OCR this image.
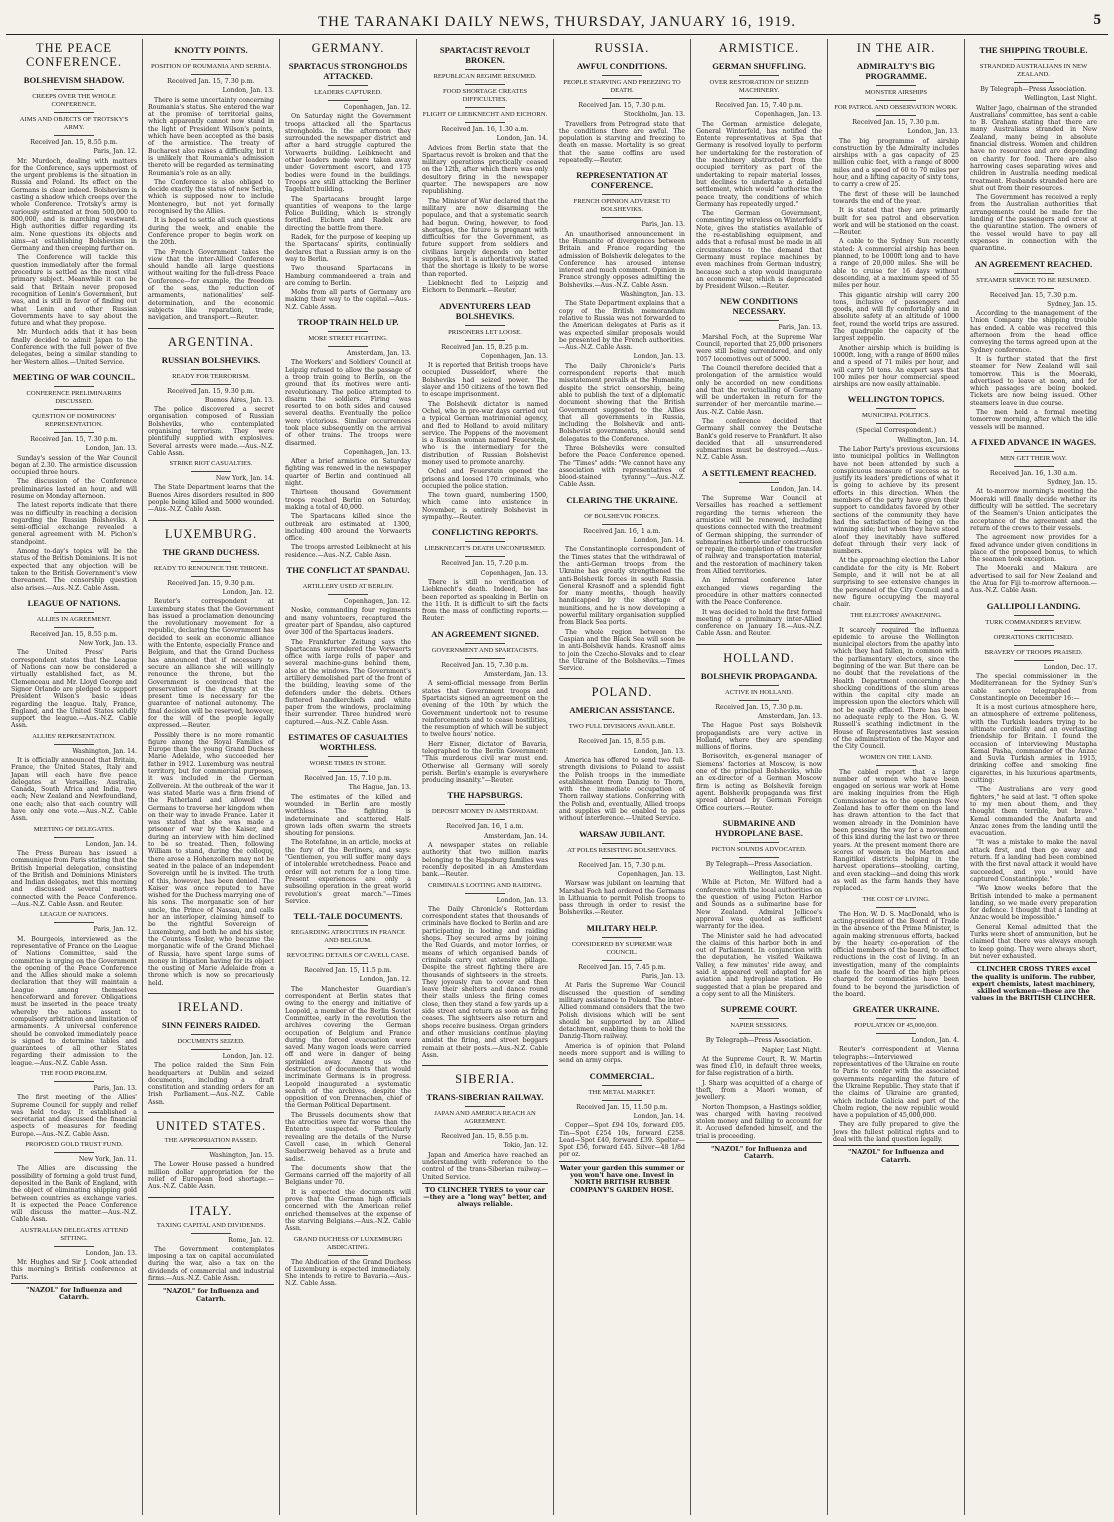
THE TARANAKI DAILY NEWS, THURSDAY, JANUARY 16, 1919.	5
THE PEACE CONFERENCE.
BOLSHEVISM SHADOW.
CREEPS OVER THE WHOLE CONFERENCE.
AIMS AND OBJECTS OF TROTSKY'S ARMY.
Received Jan. 15, 8.55 p.m.
Paris, Jan. 12.

Mr. Murdoch, dealing with matters for the Conference, says uppermost of the urgent problems is the situation in Russia and Poland. Its effect on the Germans is clear indeed. Bolshevism is casting a shadow which creeps over the whole Conference. Trotsky's army is variously estimated at from 500,000 to 800,000, and is marching westward. High authorities differ regarding its aim. None questions its objects and aims—at establishing Bolshevism in Germany and then creeping further on.

The Conference will tackle this question immediately after the formal procedure is settled as the most vital primary subject. Meanwhile it can be said that Britain never proposed recognition of Lenin's Government, but was, and is still in favor of finding out what Lenin and other Russian Governments have to say about the future and what they propose.

Mr. Murdoch adds that it has been finally decided to admit Japan to the Conference with the full power of five delegates, being a similar standing to her Western allies.—United Service.

MEETING OF WAR COUNCIL.
CONFERENCE PRELIMINARIES DISCUSSED.
QUESTION OF DOMINIONS' REPRESENTATION.
Received Jan. 15, 7.30 p.m.
London, Jan. 13.

Sunday's session of the War Council began at 2.30. The armistice discussion occupied three hours.

The discussion of the Conference preliminaries lasted an hour, and will resume on Monday afternoon.

The latest reports indicate that there was no difficulty in reaching a decision regarding the Russian Bolsheviks. A semi-official exchange revealed a general agreement with M. Pichon's standpoint.

Among to-day's topics will be the status of the British Dominions. It is not expected that any objection will be taken to the British Government's view thereanent. The censorship question also arises.—Aus.-N.Z. Cable Assn.

LEAGUE OF NATIONS.
ALLIES IN AGREEMENT.
Received Jan. 15, 8.55 p.m.
New York, Jan. 13.

The United Press' Paris correspondent states that the League of Nations can now be considered a virtually established fact, as M. Clemenceau and Mr. Lloyd George and Signor Orlando are pledged to support President Wilson's basic ideas regarding the league. Italy, France, England, and the United States solidly support the league.—Aus.-N.Z. Cable Assn.

ALLIES' REPRESENTATION.
Washington, Jan. 14.

It is officially announced that Britain, France, the United States, Italy and Japan will each have five peace delegates at Versailles; Australia, Canada, South Africa and India, two each; New Zealand and Newfoundland, one each; also that each country will have only one vote.—Aus.-N.Z. Cable Assn.

MEETING OF DELEGATES.
London, Jan. 14.

The Press Bureau has issued a communique from Paris stating that the British Imperial delegation, consisting of the British and Dominions Ministers and Indian delegates, met this morning and discussed several matters connected with the Peace Conference.—Aus.-N.Z. Cable Assn. and Reuter.

LEAGUE OF NATIONS.
Paris, Jan. 12.

M. Bourgeois, interviewed as the representative of France on the League of Nations Committee, said the committee is urging on the Government the opening of the Peace Conference and the Allies should make a solemn declaration that they will maintain a League among themselves henceforward and forever. Obligations must be inserted in the peace treaty whereby the nations assent to compulsory arbitration and limitation of armaments. A universal conference should be convoked immediately peace is signed to determine tables and guarantees of all other States regarding their admission to the league.—Aus.-N.Z. Cable Assn.

THE FOOD PROBLEM.
Paris, Jan. 13.

The first meeting of the Allies' Supreme Council for supply and relief was held to-day. It established a secretariat and discussed the financial aspects of measures for feeding Europe.—Aus.-N.Z. Cable Assn.

PROPOSED GOLD TRUST FUND.
New York, Jan. 11.

The Allies are discussing the possibility of forming a gold trust fund, deposited in the Bank of England, with the object of eliminating shipping gold between countries as exchange varies. It is expected the Peace Conference will discuss the matter.—Aus.-N.Z. Cable Assn.

AUSTRALIAN DELEGATES ATTEND SITTING.
London, Jan. 13.

Mr. Hughes and Sir J. Cook attended this morning's British conference at Paris.

"NAZOL" for Influenza and Catarrh.
KNOTTY POINTS.
POSITION OF ROUMANIA AND SERBIA.
Received Jan. 15, 7.30 p.m.
London, Jan. 13.

There is some uncertainty concerning Roumania's status. She entered the war at the promise of territorial gains, which apparently cannot now stand in the light of President Wilson's points, which have been accepted as the basis of the armistice. The treaty of Bucharest also raises a difficulty, but it is unlikely that Roumania's admission thereto will be regarded as terminating Roumania's role as an ally.

The Conference is also obliged to decide exactly the status of new Serbia, which is supposed now to include Montenegro, but not yet formally recognised by the Allies.

It is hoped to settle all such questions during the week, and enable the Conference proper to begin work on the 20th.

The French Government takes the view that the inter-Allied Conference should handle all large questions without waiting for the full-dress Peace Conference—for example, the freedom of the seas, the reduction of armaments, nationalities' self-determination, and the economic subjects like reparation, trade, navigation, and transport.—Reuter.

ARGENTINA.
RUSSIAN BOLSHEVIKS.
READY FOR TERRORISM.
Received Jan. 15, 9.30 p.m.
Buenos Aires, Jan. 13.

The police discovered a secret organisation composed of Russian Bolsheviks, who contemplated organising terrorism. They were plentifully supplied with explosives. Several arrests were made.—Aus.-N.Z. Cable Assn.

STRIKE RIOT CASUALTIES.
New York, Jan. 14.

The State Department learns that the Buenos Aires disorders resulted in 800 people being killed and 5000 wounded.—Aus.-N.Z. Cable Assn.

LUXEMBURG.
THE GRAND DUCHESS.
READY TO RENOUNCE THE THRONE.
Received Jan. 15, 9.30 p.m.
London, Jan. 12.

Reuter's correspondent at Luxemburg states that the Government has issued a proclamation denouncing the revolutionary movement for a republic, declaring the Government has decided to seek an economic alliance with the Entente, especially France and Belgium, and that the Grand Duchess has announced that if necessary to secure an alliance she will willingly renounce the throne, but the Government is convinced that the preservation of the dynasty at the present time is necessary for the guarantee of national autonomy. The final decision will be reserved, however, for the will of the people legally expressed.—Reuter.

Possibly there is no more romantic figure among the Royal Families of Europe than the young Grand Duchess Marie Adelaide, who succeeded her father in 1912. Luxemburg was neutral territory, but for commercial purposes, it was included in the German Zollverein. At the outbreak of the war it was stated Marie was a firm friend of the Fatherland and allowed the Germans to traverse her kingdom when on their way to invade France. Later it was stated that she was made a prisoner of war by the Kaiser, and during an interview with him declined to be so treated. Then, following William to stand, during the colloquy, there arose a Hohenzollern may not be seated in the palace of an independent Sovereign until he is invited. The truth of this, however, has been denied. The Kaiser was once reputed to have wished for the Duchess marrying one of his sons. The morganatic son of her uncle, the Prince of Nassau, and calls her an interloper, claiming himself to be the rightful Sovereign of Luxemburg, and both he and his sister, the Countess Tosler, who became the morganatic wife of the Grand Michael of Russia, have spent large sums of money in litigation having for its object the ousting of Marie Adelaide from a throne which is now so precariously held.

IRELAND.
SINN FEINERS RAIDED.
DOCUMENTS SEIZED.
London, Jan. 12.

The police raided the Sinn Fein headquarters at Dublin and seized documents, including a draft constitution and standing orders for an Irish Parliament.—Aus.-N.Z. Cable Assn.

UNITED STATES.
THE APPROPRIATION PASSED.
Washington, Jan. 15.

The Lower House passed a hundred million dollar appropriation for the relief of European food shortage.—Aus.-N.Z. Cable Assn.

ITALY.
TAXING CAPITAL AND DIVIDENDS.
Rome, Jan. 12.

The Government contemplates imposing a tax on capital accumulated during the war, also a tax on the dividends of commercial and industrial firms.—Aus.-N.Z. Cable Assn.

"NAZOL" for Influenza and Catarrh.
GERMANY.
SPARTACUS STRONGHOLDS ATTACKED.
LEADERS CAPTURED.
Copenhagen, Jan. 12.

On Saturday night the Government troops attacked all the Spartacus strongholds. In the afternoon they surrounded the newspaper district and after a hard struggle captured the Vorwaerts building. Leibknecht and other leaders made were taken away under Government escort, and 175 bodies were found in the buildings. Troops are still attacking the Berliner Tageblatt building.

The Spartacans brought large quantities of weapons to the large Police Building, which is strongly fortified. Eichorn and Radek are directing the battle from there.

Radek, for the purpose of keeping up the Spartacans' spirits, continually declares that a Russian army is on the way to Berlin.

Two thousand Spartacans in Hamburg commandeered a train and are coming to Berlin.

Mobs from all parts of Germany are making their way to the capital.—Aus.-N.Z. Cable Assn.

TROOP TRAIN HELD UP.
MORE STREET FIGHTING.
Amsterdam, Jan. 13.

The Workers' and Soldiers' Council at Leipzig refused to allow the passage of a troop train going to Berlin, on the ground that its motives were anti-revolutionary. The police attempted to disarm the soldiers. Firing was resorted to on both sides and caused several deaths. Eventually the police were victorious. Similar occurrences took place subsequently on the arrival of other trains. The troops were disarmed.

Copenhagen, Jan. 13.

After a brief armistice on Saturday fighting was renewed in the newspaper quarter of Berlin and continued all night.

Thirteen thousand Government troops reached Berlin on Saturday, making a total of 40,000.

The Spartacans killed since the outbreak are estimated at 1300, including 400 around the Vorwaerts office.

The troops arrested Leibknecht at his residence.—Aus.-N.Z. Cable Assn.

THE CONFLICT AT SPANDAU.
ARTILLERY USED AT BERLIN.
Copenhagen, Jan. 12.

Noske, commanding four regiments and many volunteers, recaptured the greater part of Spandau, also captured over 300 of the Spartacus leaders.

The Frankfurter Zeitung says the Spartacans surrendered the Vorwaerts office with large rolls of paper and several machine-guns behind them, also at the windows. The Government's artillery demolished part of the front of the building, leaving some of the defenders under the debris. Others fluttered handkerchiefs and white paper from the windows, proclaiming their surrender. Three hundred were captured.—Aus.-N.Z. Cable Assn.

ESTIMATES OF CASUALTIES WORTHLESS.
WORSE TIMES IN STORE.
Received Jan. 15, 7.10 p.m.
The Hague, Jan. 13.

The estimates of the killed and wounded in Berlin are mostly worthless. The fighting is indeterminate and scattered. Half-grown lads often swarm the streets shouting for pensions.

The Rotefahne, in an article, mocks at the fury of the Berliners, and says: "Gentlemen, you will suffer many days of intolerable wretchedness. Peace and order will not return for a long time. Present experiences are only a subsoiling operation in the great world revolution's great march."—Times Service.

TELL-TALE DOCUMENTS.
REGARDING ATROCITIES IN FRANCE AND BELGIUM.
REVOLTING DETAILS OF CAVELL CASE.
Received Jan. 15, 11.5 p.m.
London, Jan. 12.

The Manchester Guardian's correspondent at Berlin states that owing to the energy and initiative of Leopold, a member of the Berlin Soviet Committee, early in the revolution the archives covering the German occupation of Belgium and France during the forced evacuation were saved. Many wagon loads were carried off and were in danger of being sprinkled away. Among us the destruction of documents that would incriminate Germans is in progress. Leopold inaugurated a systematic search of the archives, despite the opposition of von Drennachen, chief of the German Political Department.

The Brussels documents show that the atrocities were far worse than the Entente suspected. Particularly revealing are the details of the Nurse Cavell case, in which General Sauberzweig behaved as a brute and sadist.

The documents show that the Germans carried off the majority of all Belgians under 70.

It is expected the documents will prove that the German high officials concerned with the American relief enriched themselves at the expense of the starving Belgians.—Aus.-N.Z. Cable Assn.

GRAND DUCHESS OF LUXEMBURG ABDICATING.

The Abdication of the Grand Duchess of Luxemburg is expected immediately. She intends to retire to Bavaria.—Aus.-N.Z. Cable Assn.

SPARTACIST REVOLT BROKEN.
REPUBLICAN REGIME RESUMED.
FOOD SHORTAGE CREATES DIFFICULTIES.
FLIGHT OF LIEBKNECHT AND EICHORN.
Received Jan. 16, 1.30 a.m.
London, Jan. 14.

Advices from Berlin state that the Spartacus revolt is broken and that the military operations practically ceased on the 12th, after which there was only desultory firing in the newspaper quarter. The newspapers are now republishing.

The Minister of War declared that the military are now disarming the populace, and that a systematic search had begun. Owing, however, to food shortages, the future is pregnant with difficulties for the Government, as future support from soldiers and civilians largely depends on better supplies, but it is authoritatively stated that the shortage is likely to be worse than reported.

Liebknecht fled to Leipzig and Eichorn to Denmark.—Reuter.

ADVENTURERS LEAD BOLSHEVIKS.
PRISONERS LET LOOSE.
Received Jan. 15, 8.25 p.m.
Copenhagen, Jan. 13.

It is reported that British troops have occupied Dusseldorf, where the Bolsheviks had seized power. The slayer and 150 citizens of the town fled to escape imprisonment.

The Bolshevik dictator is named Ochel, who in pre-war days carried out a typical German matrimonial agency, and fled to Holland to avoid military service. The Poppens of the movement is a Russian woman named Feuerstein, who is the intermediary for the distribution of Russian Bolshevist money used to promote anarchy.

Ochel and Feuerstein opened the prisons and loosed 170 criminals, who occupied the police station.

The town guard, numbering 1500, which came into existence in November, is entirely Bolshevist in sympathy.—Reuter.

CONFLICTING REPORTS.
LIEBKNECHT'S DEATH UNCONFIRMED.
Received Jan. 15, 7.20 p.m.
Copenhagen, Jan. 13.

There is still no verification of Liebknecht's death. Indeed, he has been reported as speaking in Berlin on the 11th. It is difficult to sift the facts from the mass of conflicting reports.—Reuter.

AN AGREEMENT SIGNED.
GOVERNMENT AND SPARTACISTS.
Received Jan. 15, 7.30 p.m.
Amsterdam, Jan. 13.

A semi-official message from Berlin states that Government troops and Spartacists signed an agreement on the evening of the 10th by which the Government undertook not to resume reinforcements and to cease hostilities, the resumption of which will be subject to twelve hours' notice.

Herr Eisner, dictator of Bavaria, telegraphed to the Berlin Government: "This murderous civil war must end. Otherwise all Germany will sorely perish. Berlin's example is everywhere producing insanity."—Reuter.

THE HAPSBURGS.
DEPOSIT MONEY IN AMSTERDAM.
Received Jan. 16, 1 a.m.
Amsterdam, Jan. 14.

A newspaper states on reliable authority that two million marks belonging to the Hapsburg families was recently deposited in an Amsterdam bank.—Reuter.

CRIMINALS LOOTING AND RAIDING.
London, Jan. 13.

The Daily Chronicle's Rotterdam correspondent states that thousands of criminals have flocked to Berlin and are participating in looting and raiding shops. They secured arms by joining the Red Guards, and motor lorries, or means of which organised bands of criminals carry out extensive pillage. Despite the street fighting there are thousands of sightseers in the streets. They joyously run to cover and then leave their shelters and dance round their stalls unless the firing comes close, then they stand a few yards up a side street and return as soon as firing ceases. The sightseers also return and shops receive business. Organ grinders and other musicians continue playing amidst the firing, and street beggars remain at their posts.—Aus.-N.Z. Cable Assn.

SIBERIA.
TRANS-SIBERIAN RAILWAY.
JAPAN AND AMERICA REACH AN AGREEMENT.
Received Jan. 15, 8.55 p.m.
Tokio, Jan. 12.

Japan and America have reached an understanding with reference to the control of the trans-Siberian railway.—United Service.

TO CLINCHER TYRES to your car—they are a "long way" better, and always reliable.
RUSSIA.
AWFUL CONDITIONS.
PEOPLE STARVING AND FREEZING TO DEATH.
Received Jan. 15, 7.30 p.m.
Stockholm, Jan. 13.

Travellers from Petrograd state that the conditions there are awful. The population is starving and freezing to death en masse. Mortality is so great that the same coffins are used repeatedly.—Reuter.

REPRESENTATION AT CONFERENCE.
FRENCH OPINION ADVERSE TO BOLSHEVIKS.
Paris, Jan. 13.

An unauthorised announcement in the Humanite of divergences between Britain and France regarding the admission of Bolshevik delegates to the Conference has aroused intense interest and much comment. Opinion in France strongly opposes admitting the Bolsheviks.—Aus.-N.Z. Cable Assn.

Washington, Jan. 13.

The State Department explains that a copy of the British memorandum relative to Russia was not forwarded to the American delegates at Paris as it was expected similar proposals would be presented by the French authorities.—Aus.-N.Z. Cable Assn.

London, Jan. 13.

The Daily Chronicle's Paris correspondent reports that much misstatement prevails at the Humanite, despite the strict censorship, being able to publish the text of a diplomatic document showing that the British Government suggested to the Allies that all governments in Russia, including the Bolshevik and anti-Bolshevist governments, should send delegates to the Conference.

Three Bolsheviks were consulted before the Peace Conference opened. The "Times" adds: "We cannot have any association with representatives of blood-stained tyranny."—Aus.-N.Z. Cable Assn.

CLEARING THE UKRAINE.
OF BOLSHEVIK FORCES.
Received Jan. 16, 1 a.m.
London, Jan. 14.

The Constantinople correspondent of the Times states that the withdrawal of the anti-German troops from the Ukraine has greatly strengthened the anti-Bolshevik forces in south Russia. General Krasnoff and a splendid fight for many months, though heavily handicapped by the shortage of munitions, and he is now developing a powerful military organisation supplied from Black Sea ports.

The whole region between the Caspian and the Black Sea will soon be in anti-Bolshevik hands. Krasnoff aims to join the Czecho-Slovaks and to clear the Ukraine of the Bolsheviks.—Times Service.

POLAND.
AMERICAN ASSISTANCE.
TWO FULL DIVISIONS AVAILABLE.
Received Jan. 15, 8.55 p.m.
London, Jan. 13.

America has offered to send two full-strength divisions to Poland to assist the Polish troops in the immediate establishment from Danzig to Thorn, with the immediate occupation of Thorn railway stations. Conferring with the Polish and, eventually, Allied troops and supplies will be enabled to pass without interference.—United Service.

WARSAW JUBILANT.
AT POLES RESISTING BOLSHEVIKS.
Received Jan. 15, 7.30 p.m.
Copenhagen, Jan. 13.

Warsaw was jubilant on learning that Marshal Foch had ordered the Germans in Lithuania to permit Polish troops to pass through in order to resist the Bolsheviks.—Reuter.

MILITARY HELP.
CONSIDERED BY SUPREME WAR COUNCIL.
Received Jan. 15, 7.45 p.m.
Paris, Jan. 13.

At Paris the Supreme War Council discussed the question of sending military assistance to Poland. The inter-Allied command considers that the two Polish divisions which will be sent should be supported by an Allied detachment, enabling them to hold the Danzig-Thorn railway.

America is of opinion that Poland needs more support and is willing to send an army corps.

COMMERCIAL.
THE METAL MARKET.
Received Jan. 15, 11.50 p.m.
London, Jan. 14.

Copper—Spot £94 10s, forward £95. Tin—Spot £254 10s, forward £258. Lead—Spot £40, forward £39. Spelter—Spot £56, forward £45. Silver—48 1/8d per oz.

Water your garden this summer or you won't have one. Invest in NORTH BRITISH RUBBER COMPANY'S GARDEN HOSE.
ARMISTICE.
GERMAN SHUFFLING.
OVER RESTORATION OF SEIZED MACHINERY.
Received Jan. 15, 7.40 p.m.
Copenhagen, Jan. 13.

The German armistice delegate, General Winterfeld, has notified the Entente representatives at Spa that Germany is resolved loyally to perform her undertaking for the restoration of the machinery abstracted from the occupied territory as part of the undertaking to repair material losses, but declines to undertake a detailed settlement, which would "authorise the peace treaty, the conditions of which Germany has repeatedly urged."

The German Government, commenting by wireless on Winterfeld's Note, gives the statistics available of the re-establishing equipment, and adds that a refusal must be made in all circumstances to the demand that Germany must replace machines by even machines from German industry, because such a step would inaugurate an economic war, which is deprecated by President Wilson.—Reuter.

NEW CONDITIONS NECESSARY.
Paris, Jan. 13.

Marshal Foch, at the Supreme War Council, reported that 25,000 prisoners were still being surrendered, and only 1057 locomotives out of 5000.

The Council therefore decided that a prolongation of the armistice would only be accorded on new conditions and that the revictualling of Germany will be undertaken in return for the surrender of her mercantile marine.—Aus.-N.Z. Cable Assn.

The conference decided that Germany shall convey the Deutsche Bank's gold reserve to Frankfurt. It also decided that all unsurrendered submarines must be destroyed.—Aus.-N.Z. Cable Assn.

A SETTLEMENT REACHED.
London, Jan. 14.

The Supreme War Council at Versailles has reached a settlement regarding the terms whereon the armistice will be renewed, including questions connected with the treatment of German shipping, the surrender of submarines hitherto under construction or repair, the completion of the transfer of railway and transportation material, and the restoration of machinery taken from Allied territories.

An informal conference later exchanged views regarding the procedure in other matters connected with the Peace Conference.

It was decided to hold the first formal meeting of a preliminary inter-Allied conference on January 18.—Aus.-N.Z. Cable Assn. and Reuter.

HOLLAND.
BOLSHEVIK PROPAGANDA.
ACTIVE IN HOLLAND.
Received Jan. 15, 7.30 p.m.
Amsterdam, Jan. 13.

The Hague Post says Bolshevik propagandists are very active in Holland, where they are spending millions of florins.

Borisovitch, ex-general manager of Siemens' factories at Moscow, is now one of the principal Bolsheviks, while an ex-director of a German Moscow firm is acting as Bolshevik foreign agent. Bolshevik propaganda was first spread abroad by German Foreign Office couriers.—Reuter.

SUBMARINE AND HYDROPLANE BASE.
PICTON SOUNDS ADVOCATED.
By Telegraph—Press Association.
Wellington, Last Night.

While at Picton, Mr. Wilford had a conference with the local authorities on the question of using Picton Harbor and Sounds as a submarine base for New Zealand. Admiral Jellicoe's approval was quoted as sufficient warranty for the idea.

The Minister said he had advocated the claims of this harbor both in and out of Parliament. In conjunction with the deputation, he visited Waikawa Valley, a few minutes' ride away, and said it appeared well adapted for an aviation and hydroplane station. He suggested that a plan be prepared and a copy sent to all the Ministers.

SUPREME COURT.
NAPIER SESSIONS.
By Telegraph—Press Association.
Napier, Last Night.

At the Supreme Court, R. W. Martin was fined £10, in default three weeks, for false registration of a birth.

J. Sharp was acquitted of a charge of theft, from a Maori woman, of jewellery.

Norton Thompson, a Hastings soldier, was charged with having received stolen money and failing to account for it. Accused defended himself, and the trial is proceeding.

"NAZOL" for Influenza and Catarrh.
IN THE AIR.
ADMIRALTY'S BIG PROGRAMME.
MONSTER AIRSHIPS
FOR PATROL AND OBSERVATION WORK.
Received Jan. 15, 7.30 p.m.
London, Jan. 13.

The big programme of airship construction by the Admiralty includes airships with a gas capacity of 25 million cubic feet, with a range of 8000 miles and a speed of 60 to 70 miles per hour, and a lifting capacity of sixty tons, to carry a crew of 25.

The first of these will be launched towards the end of the year.

It is stated that they are primarily built for sea patrol and observation work and will be stationed on the coast.—Reuter.

A cable to the Sydney Sun recently stated: A commercial airship has been planned, to be 1000ft long and to have a range of 20,000 miles. She will be able to cruise for 16 days without descending, at a maximum speed of 55 miles per hour.

This gigantic airship will carry 200 tons, inclusive of passengers and goods, and will fly comfortably and in absolute safety at an altitude of 1000 feet, round the world trips are assured. The quadruple the capacity of the largest zeppelin.

Another airship which is building is 1000ft. long, with a range of 8600 miles and a speed of 71 miles per hour, and will carry 50 tons. An expert says that 100 miles per hour commercial speed airships are now easily attainable.

WELLINGTON TOPICS.
MUNICIPAL POLITICS.
(Special Correspondent.)
Wellington, Jan. 14.

The Labor Party's previous excursions into municipal politics in Wellington have not been attended by such a conspicuous measure of success as to justify its leaders' predictions of what it is going to achieve by its present efforts in this direction. When the members of the party have given their support to candidates favored by other sections of the community they have had the satisfaction of being on the winning side; but when they have stood aloof they inevitably have suffered defeat through their very lack of numbers.

At the approaching election the Labor candidate for the city is Mr. Robert Semple, and it will not be at all surprising to see extensive changes in the personnel of the City Council and a new figure occupying the mayoral chair.

THE ELECTORS' AWAKENING.

It scarcely required the influenza epidemic to arouse the Wellington municipal electors from the apathy into which they had fallen, in common with the parliamentary electors, since the beginning of the war. But there can be no doubt that the revelations of the Health Department concerning the shocking conditions of the slum areas within the capital city made an impression upon the electors which will not be easily effaced. There has been no adequate reply to the Hon. G. W. Russell's scathing indictment in the House of Representatives last session of the administration of the Mayor and the City Council.

WOMEN ON THE LAND.

The cabled report that a large number of women who have been engaged on serious war work at Home are making inquiries from the High Commissioner as to the openings New Zealand has to offer them on the land has drawn attention to the fact that women already in the Dominion have been pressing the way for a movement of this kind during the last two or three years. At the present moment there are scores of women in the Marton and Rangitikei districts helping in the harvest operations—stooking, carting, and even stacking—and doing this work as well as the farm hands they have replaced.

THE COST OF LIVING.

The Hon. W. D. S. MacDonald, who is acting-president of the Board of Trade in the absence of the Prime Minister, is again making strenuous efforts, backed by the hearty co-operation of the official members of the board, to effect reductions in the cost of living. In an investigation, many of the complaints made to the board of the high prices charged for commodities have been found to be beyond the jurisdiction of the board.

GREATER UKRAINE.
POPULATION OF 45,000,000.
London, Jan. 4.

Reuter's correspondent at Vienna telegraphs:—Interviewed representatives of the Ukraine en route to Paris to confer with the associated governments regarding the future of the Ukraine Republic. They state that if the claims of Ukraine are granted, which include Galicia and part of the Cholm region, the new republic would have a population of 45,000,000.

They are fully prepared to give the Jews the fullest political rights and to deal with the land question legally.

"NAZOL" for Influenza and Catarrh.
THE SHIPPING TROUBLE.
STRANDED AUSTRALIANS IN NEW ZEALAND.
By Telegraph—Press Association.
Wellington, Last Night.

Walter Jago, chairman of the stranded Australians' committee, has sent a cable to B. Graham stating that there are many Australians stranded in New Zealand, many being in absolute financial distress. Women and children have no resources and are depending on charity for food. There are also harrowing cases separating wives and children in Australia needing medical treatment. Husbands stranded here are shut out from their resources.

The Government has received a reply from the Australian authorities that arrangements could be made for the landing of the passengers and crew at the quarantine station. The owners of the vessel would have to pay all expenses in connection with the quarantine.

AN AGREEMENT REACHED.
STEAMER SERVICE TO BE RESUMED.
Received Jan. 15, 7.30 p.m.
Sydney, Jan. 15.

According to the management of the Union Company the shipping trouble has ended. A cable was received this afternoon from the head office conveying the terms agreed upon at the Sydney conference.

It is further stated that the first steamer for New Zealand will sail tomorrow. This is the Moeraki, advertised to leave at noon, and for which passages are being booked. Tickets are now being issued. Other steamers leave in due course.

The men held a formal meeting tomorrow morning, after which the idle vessels will be manned.

A FIXED ADVANCE IN WAGES.
MEN GET THEIR WAY.
Received Jan. 16, 1.30 a.m.
Sydney, Jan. 15.

At to-morrow morning's meeting the Moeraki will finally decide whether its difficulty will be settled. The secretary of the Seamen's Union anticipates the acceptance of the agreement and the return of the crews to their vessels.

The agreement now provides for a fixed advance under given conditions in place of the proposed bonus, to which the seamen took exception.

The Moeraki and Makura are advertised to sail for New Zealand and the Atua for Fiji to-morrow afternoon.—Aus.-N.Z. Cable Assn.

GALLIPOLI LANDING.
TURK COMMANDER'S REVIEW.
OPERATIONS CRITICISED.
BRAVERY OF TROOPS PRAISED.
London, Dec. 17.

The special commissioner in the Mediterranean for the Sydney Sun's cable service telegraphed from Constantinople on December 16:—

It is a most curious atmosphere here, an atmosphere of extreme politeness, with the Turkish leaders trying to be ultimate cordiality and an overlasting friendship for Britain. I found the occasion of interviewing Mustapha Kemal Pasha, commander of the Anzac and Suvla Turkish armies in 1915, drinking coffee and smoking fine cigarettes, in his luxurious apartments, cutting:

"The Australians are very good fighters," he said at last. "I often spoke to my men about them, and they thought them terrible, but brave." Kemal commanded the Anafarta and Anzac zones from the landing until the evacuation.

"It was a mistake to make the naval attack first, and then go away and return. If a landing had been combined with the first naval attack it would have succeeded, and you would have captured Constantinople."

"We know weeks before that the British intended to make a permanent landing, so we made every preparation for defence. I thought that a landing at Anzac would be impossible."

General Kemal admitted that the Turks were short of ammunition, but he claimed that there was always enough to keep going. They were always short, but never exhausted.

CLINCHER CROSS TYRES excel the quality is uniform. The rubber, expert chemists, latest machinery, skilled workmen—these are the values in the BRITISH CLINCHER.
